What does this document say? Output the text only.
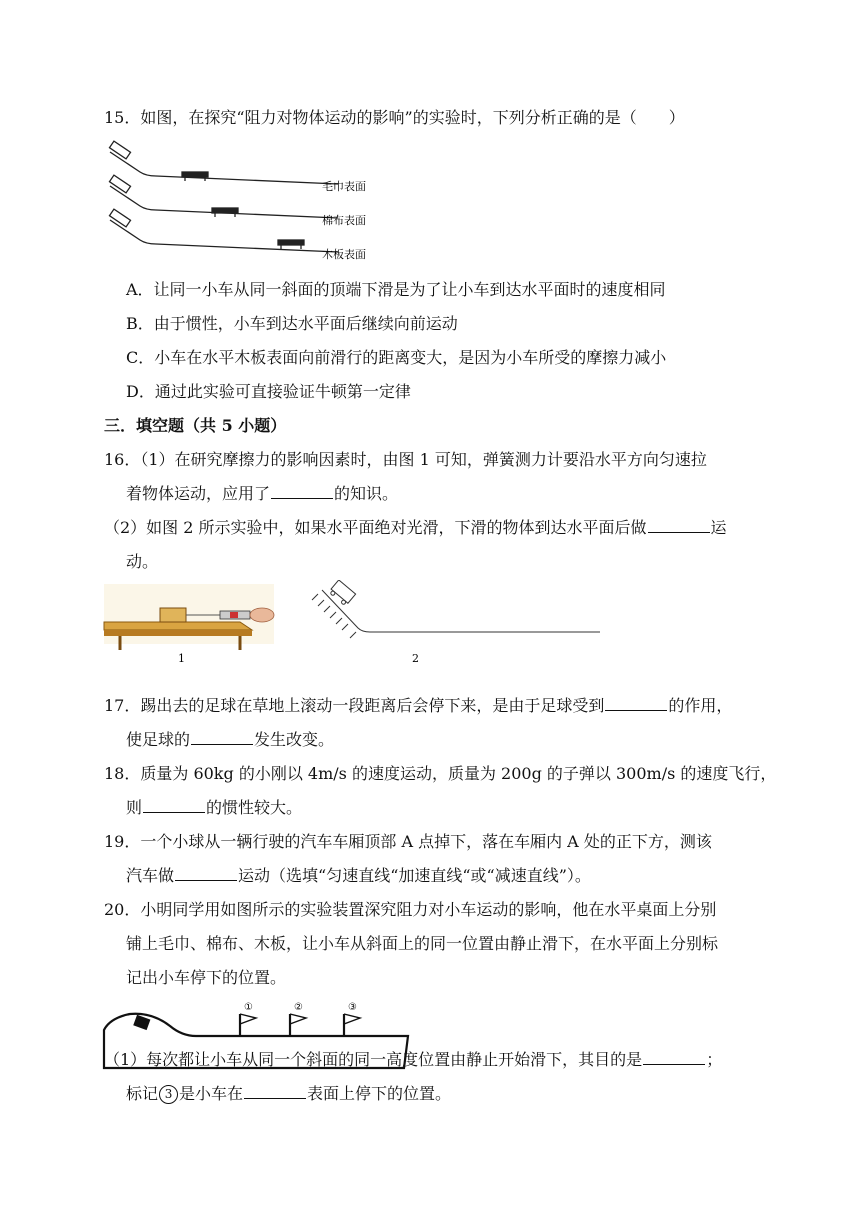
15．如图，在探究“阻力对物体运动的影响”的实验时，下列分析正确的是（　　）
毛巾表面
棉布表面
木板表面
A．让同一小车从同一斜面的顶端下滑是为了让小车到达水平面时的速度相同
B．由于惯性，小车到达水平面后继续向前运动
C．小车在水平木板表面向前滑行的距离变大，是因为小车所受的摩擦力减小
D．通过此实验可直接验证牛顿第一定律
三．填空题（共 5 小题）
16．（1）在研究摩擦力的影响因素时，由图 1 可知，弹簧测力计要沿水平方向匀速拉
着物体运动，应用了	的知识。
（2）如图 2 所示实验中，如果水平面绝对光滑，下滑的物体到达水平面后做	运
动。
1	2
17．踢出去的足球在草地上滚动一段距离后会停下来，是由于足球受到	的作用，
使足球的	发生改变。
18．质量为 60kg 的小刚以 4m/s 的速度运动，质量为 200g 的子弹以 300m/s 的速度飞行，
则	的惯性较大。
19．一个小球从一辆行驶的汽车车厢顶部 A 点掉下，落在车厢内 A 处的正下方，测该
汽车做	运动（选填“匀速直线“加速直线“或“减速直线”）。
20．小明同学用如图所示的实验装置深究阻力对小车运动的影响，他在水平桌面上分别
铺上毛巾、棉布、木板，让小车从斜面上的同一位置由静止滑下，在水平面上分别标
记出小车停下的位置。
①	②	③
（1）每次都让小车从同一个斜面的同一高度位置由静止开始滑下，其目的是	；
标记 3 是小车在	表面上停下的位置。
